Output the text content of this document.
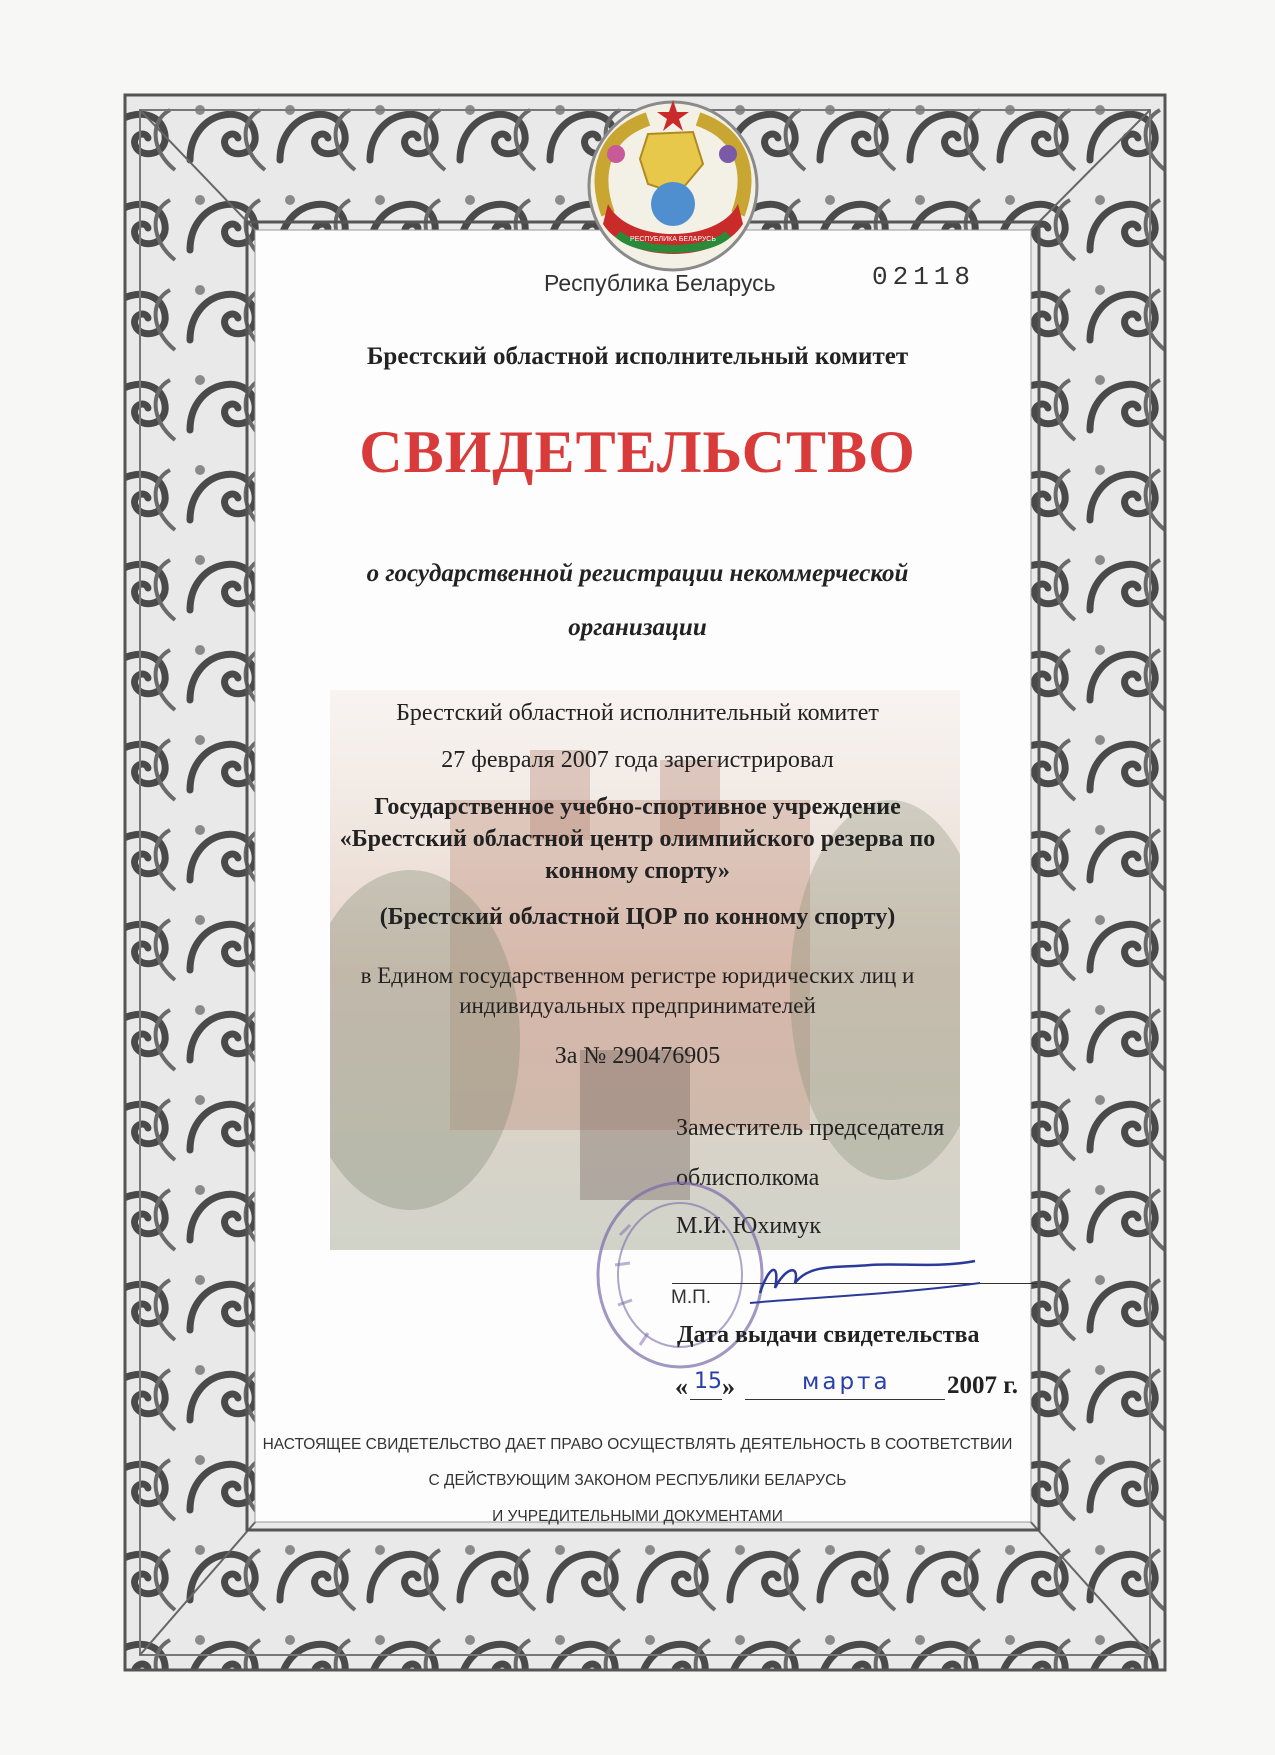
РЕСПУБЛИКА БЕЛАРУСЬ
Республика Беларусь	02118
Брестский областной исполнительный комитет
СВИДЕТЕЛЬСТВО
о государственной регистрации некоммерческой
организации
Брестский областной исполнительный комитет
27 февраля 2007 года зарегистрировал
Государственное учебно-спортивное учреждение
«Брестский областной центр олимпийского резерва по
конному спорту»
(Брестский областной ЦОР по конному спорту)
в Едином государственном регистре юридических лиц и
индивидуальных предпринимателей
За № 290476905
Заместитель председателя
облисполкома
М.И. Юхимук
М.П.
Дата выдачи свидетельства
« 15 »	марта 2007 г.
НАСТОЯЩЕЕ СВИДЕТЕЛЬСТВО ДАЕТ ПРАВО ОСУЩЕСТВЛЯТЬ ДЕЯТЕЛЬНОСТЬ В СООТВЕТСТВИИ
С ДЕЙСТВУЮЩИМ ЗАКОНОМ РЕСПУБЛИКИ БЕЛАРУСЬ
И УЧРЕДИТЕЛЬНЫМИ ДОКУМЕНТАМИ
